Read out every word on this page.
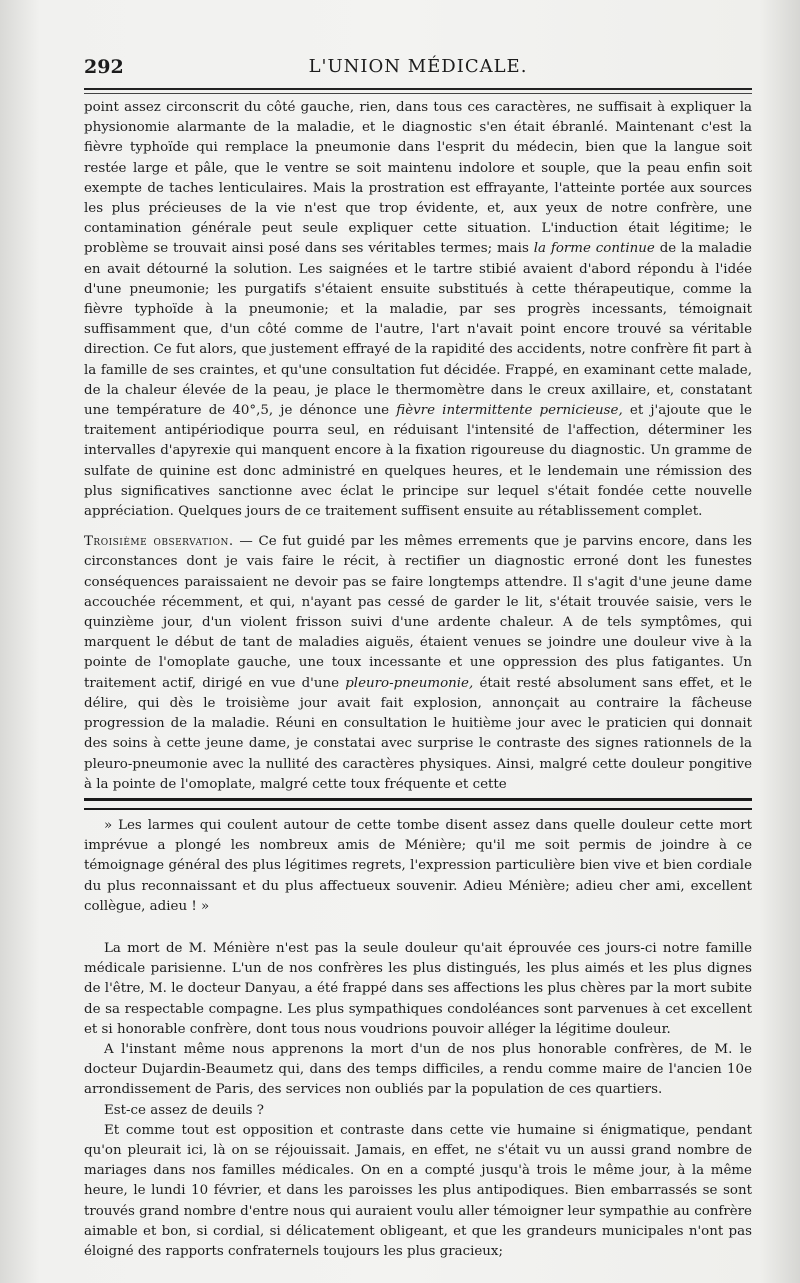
292	L'UNION MÉDICALE.

point assez circonscrit du côté gauche, rien, dans tous ces caractères, ne suffisait à expliquer la physionomie alarmante de la maladie, et le diagnostic s'en était ébranlé. Maintenant c'est la fièvre typhoïde qui remplace la pneumonie dans l'esprit du médecin, bien que la langue soit restée large et pâle, que le ventre se soit maintenu indolore et souple, que la peau enfin soit exempte de taches lenticulaires. Mais la prostration est effrayante, l'atteinte portée aux sources les plus précieuses de la vie n'est que trop évidente, et, aux yeux de notre confrère, une contamination générale peut seule expliquer cette situation. L'induction était légitime; le problème se trouvait ainsi posé dans ses véritables termes; mais la forme continue de la maladie en avait détourné la solution. Les saignées et le tartre stibié avaient d'abord répondu à l'idée d'une pneumonie; les purgatifs s'étaient ensuite substitués à cette thérapeutique, comme la fièvre typhoïde à la pneumonie; et la maladie, par ses progrès incessants, témoignait suffisamment que, d'un côté comme de l'autre, l'art n'avait point encore trouvé sa véritable direction. Ce fut alors, que justement effrayé de la rapidité des accidents, notre confrère fit part à la famille de ses craintes, et qu'une consultation fut décidée. Frappé, en examinant cette malade, de la chaleur élevée de la peau, je place le thermomètre dans le creux axillaire, et, constatant une température de 40°,5, je dénonce une fièvre intermittente pernicieuse, et j'ajoute que le traitement antipériodique pourra seul, en réduisant l'intensité de l'affection, déterminer les intervalles d'apyrexie qui manquent encore à la fixation rigoureuse du diagnostic. Un gramme de sulfate de quinine est donc administré en quelques heures, et le lendemain une rémission des plus significatives sanctionne avec éclat le principe sur lequel s'était fondée cette nouvelle appréciation. Quelques jours de ce traitement suffisent ensuite au rétablissement complet.

Troisième observation. — Ce fut guidé par les mêmes errements que je parvins encore, dans les circonstances dont je vais faire le récit, à rectifier un diagnostic erroné dont les funestes conséquences paraissaient ne devoir pas se faire longtemps attendre. Il s'agit d'une jeune dame accouchée récemment, et qui, n'ayant pas cessé de garder le lit, s'était trouvée saisie, vers le quinzième jour, d'un violent frisson suivi d'une ardente chaleur. A de tels symptômes, qui marquent le début de tant de maladies aiguës, étaient venues se joindre une douleur vive à la pointe de l'omoplate gauche, une toux incessante et une oppression des plus fatigantes. Un traitement actif, dirigé en vue d'une pleuro-pneumonie, était resté absolument sans effet, et le délire, qui dès le troisième jour avait fait explosion, annonçait au contraire la fâcheuse progression de la maladie. Réuni en consultation le huitième jour avec le praticien qui donnait des soins à cette jeune dame, je constatai avec surprise le contraste des signes rationnels de la pleuro-pneumonie avec la nullité des caractères physiques. Ainsi, malgré cette douleur pongitive à la pointe de l'omoplate, malgré cette toux fréquente et cette

» Les larmes qui coulent autour de cette tombe disent assez dans quelle douleur cette mort imprévue a plongé les nombreux amis de Ménière; qu'il me soit permis de joindre à ce témoignage général des plus légitimes regrets, l'expression particulière bien vive et bien cordiale du plus reconnaissant et du plus affectueux souvenir. Adieu Ménière; adieu cher ami, excellent collègue, adieu ! »

La mort de M. Ménière n'est pas la seule douleur qu'ait éprouvée ces jours-ci notre famille médicale parisienne. L'un de nos confrères les plus distingués, les plus aimés et les plus dignes de l'être, M. le docteur Danyau, a été frappé dans ses affections les plus chères par la mort subite de sa respectable compagne. Les plus sympathiques condoléances sont parvenues à cet excellent et si honorable confrère, dont tous nous voudrions pouvoir alléger la légitime douleur.

A l'instant même nous apprenons la mort d'un de nos plus honorable confrères, de M. le docteur Dujardin-Beaumetz qui, dans des temps difficiles, a rendu comme maire de l'ancien 10e arrondissement de Paris, des services non oubliés par la population de ces quartiers.

Est-ce assez de deuils ?

Et comme tout est opposition et contraste dans cette vie humaine si énigmatique, pendant qu'on pleurait ici, là on se réjouissait. Jamais, en effet, ne s'était vu un aussi grand nombre de mariages dans nos familles médicales. On en a compté jusqu'à trois le même jour, à la même heure, le lundi 10 février, et dans les paroisses les plus antipodiques. Bien embarrassés se sont trouvés grand nombre d'entre nous qui auraient voulu aller témoigner leur sympathie au confrère aimable et bon, si cordial, si délicatement obligeant, et que les grandeurs municipales n'ont pas éloigné des rapports confraternels toujours les plus gracieux;
